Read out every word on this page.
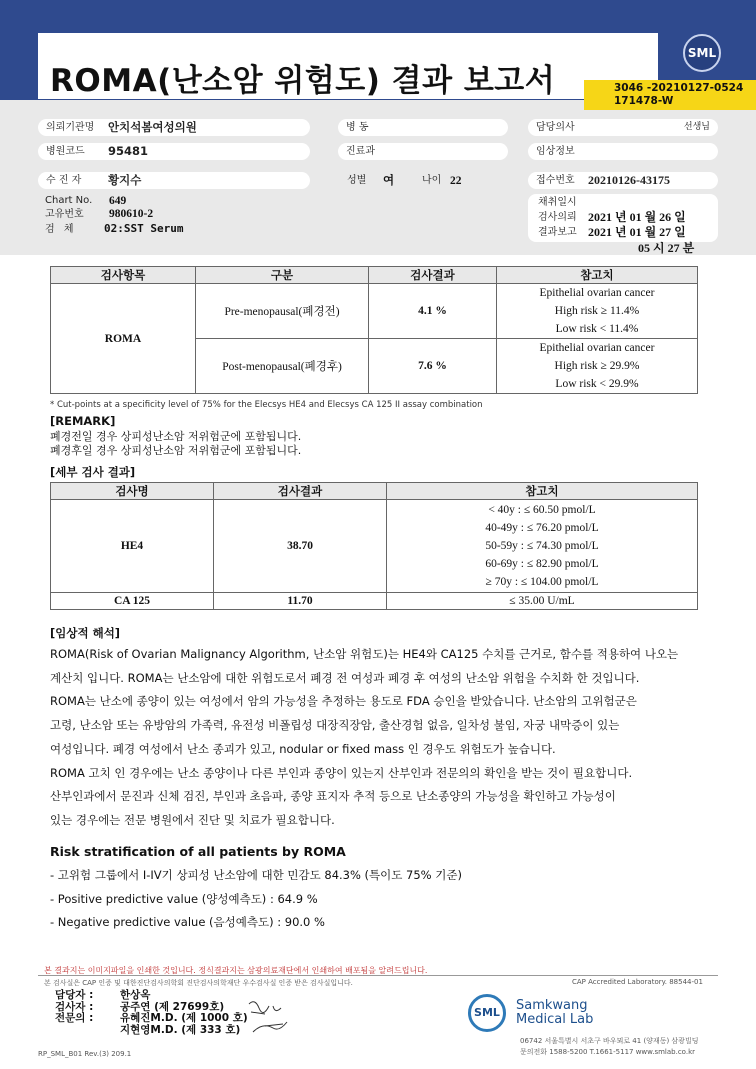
ROMA(난소암 위험도) 결과 보고서
SML
3046 -20210127-0524
171478-W
의뢰기관명 안치석봄여성의원	병 동	담당의사	선생님
병원코드 95481	진료과	임상정보
수 진 자 황지수	성별 여	나이 22	접수번호 20210126-43175
Chart No. 649
고유번호 980610-2
검 체	02:SST Serum
채취일시
검사의뢰 2021 년 01 월 26 일
결과보고 2021 년 01 월 27 일
05 시 27 분
검사항목	구분	검사결과	참고치
ROMA	Pre-menopausal(폐경전)	4.1 %	Epithelial ovarian cancer
High risk ≥ 11.4%
Low risk < 11.4%

	Post-menopausal(폐경후)	7.6 %	Epithelial ovarian cancer
High risk ≥ 29.9%
Low risk < 29.9%
* Cut-points at a specificity level of 75% for the Elecsys HE4 and Elecsys CA 125 II assay combination
[REMARK]
폐경전일 경우 상피성난소암 저위험군에 포함됩니다.
폐경후일 경우 상피성난소암 저위험군에 포함됩니다.
[세부 검사 결과]
검사명	검사결과	참고치
HE4	38.70	< 40y : ≤ 60.50 pmol/L
40-49y : ≤ 76.20 pmol/L
50-59y : ≤ 74.30 pmol/L
60-69y : ≤ 82.90 pmol/L
≥ 70y : ≤ 104.00 pmol/L

CA 125	11.70	≤ 35.00 U/mL
[임상적 해석]
ROMA(Risk of Ovarian Malignancy Algorithm, 난소암 위험도)는 HE4와 CA125 수치를 근거로, 함수를 적용하여 나오는
계산치 입니다. ROMA는 난소암에 대한 위험도로서 폐경 전 여성과 폐경 후 여성의 난소암 위험을 수치화 한 것입니다.
ROMA는 난소에 종양이 있는 여성에서 암의 가능성을 추정하는 용도로 FDA 승인을 받았습니다. 난소암의 고위험군은
고령, 난소암 또는 유방암의 가족력, 유전성 비폴립성 대장직장암, 출산경험 없음, 일차성 불임, 자궁 내막증이 있는
여성입니다. 폐경 여성에서 난소 종괴가 있고, nodular or fixed mass 인 경우도 위험도가 높습니다.
ROMA 고치 인 경우에는 난소 종양이나 다른 부인과 종양이 있는지 산부인과 전문의의 확인을 받는 것이 필요합니다.
산부인과에서 문진과 신체 검진, 부인과 초음파, 종양 표지자 추적 등으로 난소종양의 가능성을 확인하고 가능성이
있는 경우에는 전문 병원에서 진단 및 치료가 필요합니다.
Risk stratification of all patients by ROMA
- 고위험 그룹에서 I-IV기 상피성 난소암에 대한 민감도 84.3% (특이도 75% 기준)
- Positive predictive value (양성예측도) : 64.9 %
- Negative predictive value (음성예측도) : 90.0 %
본 결과지는 이미지파일을 인쇄한 것입니다. 정식결과지는 삼광의료재단에서 인쇄하여 배포됨을 알려드립니다.
본 검사실은 CAP 인증 및 대한진단검사의학회 진단검사의학재단 우수검사실 인증 받은 검사실입니다.	CAP Accredited Laboratory. 88544-01
담당자 :	한상옥
검사자 :	공주연 (제 27699호)
전문의 :	유혜진M.D. (제 1000 호)
지현영M.D. (제 333 호)
SML	Samkwang
Medical Lab
06742 서울특별시 서초구 바우뫼로 41 (양재동) 삼광빌딩
문의전화 1588-5200 T.1661-5117 www.smlab.co.kr
RP_SML_B01 Rev.(3) 209.1
